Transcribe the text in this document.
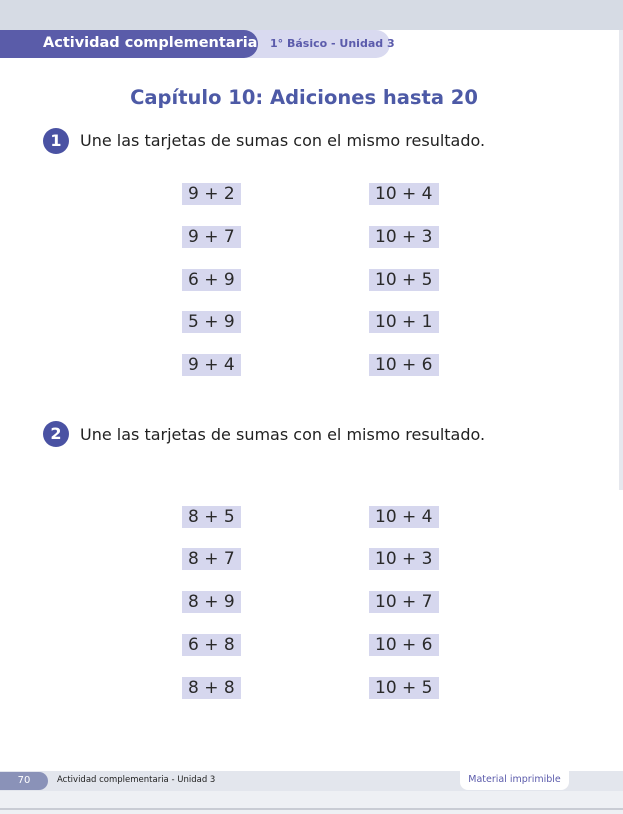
1° Básico - Unidad 3
Actividad complementaria
Capítulo 10: Adiciones hasta 20
1	Une las tarjetas de sumas con el mismo resultado.
9 + 2
9 + 7
6 + 9
5 + 9
9 + 4
10 + 4
10 + 3
10 + 5
10 + 1
10 + 6
2	Une las tarjetas de sumas con el mismo resultado.
8 + 5
8 + 7
8 + 9
6 + 8
8 + 8
10 + 4
10 + 3
10 + 7
10 + 6
10 + 5
70	Actividad complementaria - Unidad 3	Material imprimible
